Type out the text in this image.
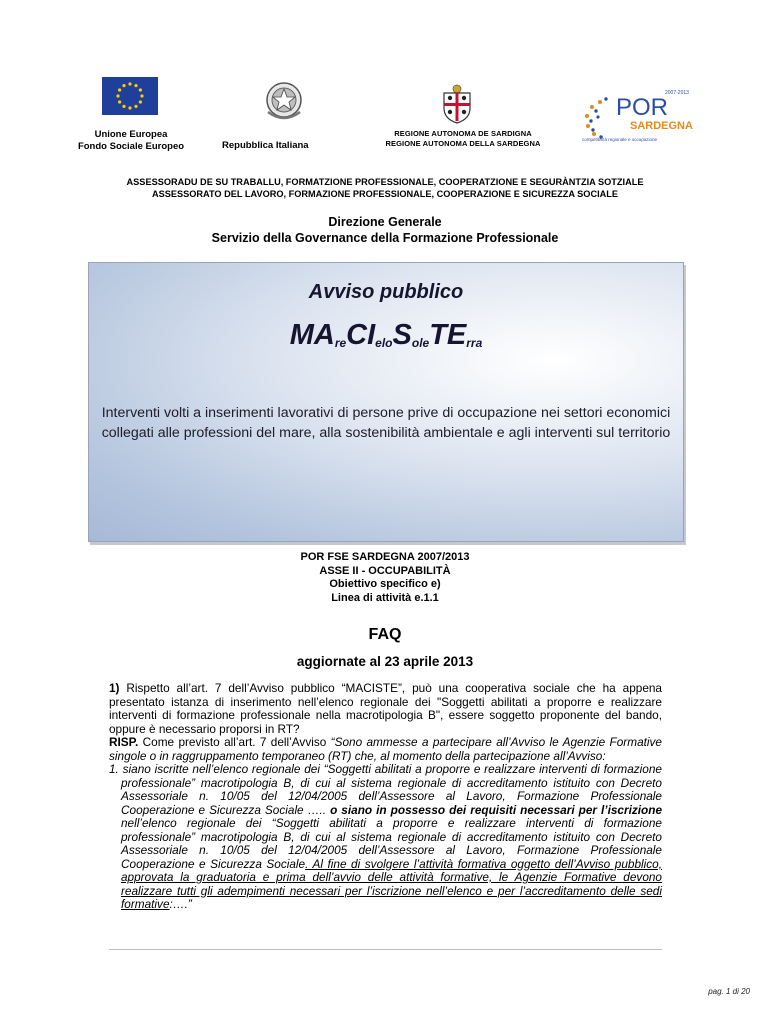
Unione Europea
Fondo Sociale Europeo	Repubblica Italiana
REGIONE AUTONOMA DE SARDIGNA
REGIONE AUTONOMA DELLA SARDEGNA
2007-2013
POR
SARDEGNA
competitività regionale e occupazione
ASSESSORADU DE SU TRABALLU, FORMATZIONE PROFESSIONALE, COOPERATZIONE E SEGURÀNTZIA SOTZIALE
ASSESSORATO DEL LAVORO, FORMAZIONE PROFESSIONALE, COOPERAZIONE E SICUREZZA SOCIALE
Direzione Generale
Servizio della Governance della Formazione Professionale
Avviso pubblico
$MA_{re}CI_{elo}S_{ole}TE_{rra}$
Interventi volti a inserimenti lavorativi di persone prive di occupazione nei settori economici collegati alle professioni del mare, alla sostenibilità ambientale e agli interventi sul territorio
POR FSE SARDEGNA 2007/2013
ASSE II - OCCUPABILITÀ
Obiettivo specifico e)
Linea di attività e.1.1
FAQ
aggiornate al 23 aprile 2013

1) Rispetto all’art. 7 dell’Avviso pubblico “MACISTE”, può una cooperativa sociale che ha appena presentato istanza di inserimento nell’elenco regionale dei "Soggetti abilitati a proporre e realizzare interventi di formazione professionale nella macrotipologia B", essere soggetto proponente del bando, oppure è necessario proporsi in RT?

RISP. Come previsto all’art. 7 dell’Avviso “Sono ammesse a partecipare all’Avviso le Agenzie Formative singole o in raggruppamento temporaneo (RT) che, al momento della partecipazione all’Avviso:

1. siano iscritte nell’elenco regionale dei “Soggetti abilitati a proporre e realizzare interventi di formazione professionale” macrotipologia B, di cui al sistema regionale di accreditamento istituito con Decreto Assessoriale n. 10/05 del 12/04/2005 dell’Assessore al Lavoro, Formazione Professionale Cooperazione e Sicurezza Sociale ….. o siano in possesso dei requisiti necessari per l’iscrizione nell’elenco regionale dei “Soggetti abilitati a proporre e realizzare interventi di formazione professionale” macrotipologia B, di cui al sistema regionale di accreditamento istituito con Decreto Assessoriale n. 10/05 del 12/04/2005 dell’Assessore al Lavoro, Formazione Professionale Cooperazione e Sicurezza Sociale. Al fine di svolgere l’attività formativa oggetto dell’Avviso pubblico, approvata la graduatoria e prima dell’avvio delle attività formative, le Agenzie Formative devono realizzare tutti gli adempimenti necessari per l’iscrizione nell’elenco e per l’accreditamento delle sedi formative:….”

pag. 1 di 20
